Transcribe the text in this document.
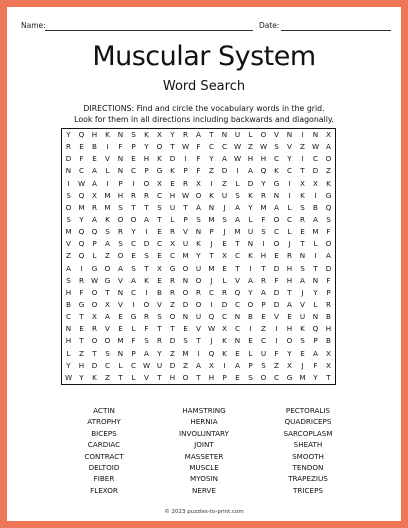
Name:	Date:
Muscular System
Word Search
DIRECTIONS: Find and circle the vocabulary words in the grid.
Look for them in all directions including backwards and diagonally.
Y	Q	H	K	N	S	K	X	Y	R	A	T	N	U	L	O	V	N	I	N	X
R	E	B	I	F	P	Y	O	T	W	F	C	C W Z W S	V	Z W A
D	F	E	V	N	E	H	K	D	I	F	Y	A W H	H	C	Y	I	C	O
N	C	A	L	N	C	P	G	K	P	F	Z	D	I	A	Q	K	C	T	D	Z
I	W A	I	P	I	O	X	E	R	X	I	Z	L	D	Y	G	I	X	X	K
S	Q	X	M	H	R	R	C	H W O	K	U	S	K	R	N	I	K	I	G
O M	R	M	S	T	T	S	U	T	A	N	J	A	Y	M	A	L	S	B	Q
S	Y	A	K	O	O	A	T	L	P	S	M	S	A	L	F	O	C	R	A	S
M Q	Q	S	R	Y	I	E	R	V	N	P	J	M	U	S	C	L	E	M	F
V	Q	P	A	S	C	D	C	X	U	K	J	E	T	N	I	O	J	T	L	O
Z	Q	L	Z	O	E	S	E	C	M	Y	T	X	C	K	H	E	R	N	I	A
A	I	G	O	A	S	T	X	G	O	U	M	E	T	I	T	D	H	S	T	D
S	R W G	V	A	K	E	R	N	O	J	L	V	A	R	F	H	A	N	F
H	F	O	T	N	C	I	B	R	O	R	C	R	Q	Y	A	D	T	J	Y	P
B	G	O	X	V	I	O	V	Z	D	O	I	D	C	O	P	D	A	V	L	R
C	T	X	A	E	G	R	S	O	N	U	Q	C	N	B	E	V	E	U	N	B
N	E	R	V	E	L	F	T	T	E	V W X	C	I	Z	I	H	K	Q	H
H	T	O	O M	F	S	R	D	S	T	J	K	N	E	C	I	O	S	P	B
L	Z	T	S	N	P	A	Y	Z	M	I	Q	K	E	L	U	F	Y	E	A	X
Y	H	D	C	L	C W U	D	Z	A	X	I	A	P	S	Z	X	J	F	X
W	Y	K	Z	T	L	V	T	H	O	T	H	P	E	S	O	C	G M	Y	T
ACTIN
ATROPHY
BICEPS
CARDIAC
CONTRACT
DELTOID
FIBER
FLEXOR
HAMSTRING
HERNIA
INVOLUNTARY
JOINT
MASSETER
MUSCLE
MYOSIN
NERVE
PECTORALIS
QUADRICEPS
SARCOPLASM
SHEATH
SMOOTH
TENDON
TRAPEZIUS
TRICEPS
© 2023 puzzles-to-print.com
